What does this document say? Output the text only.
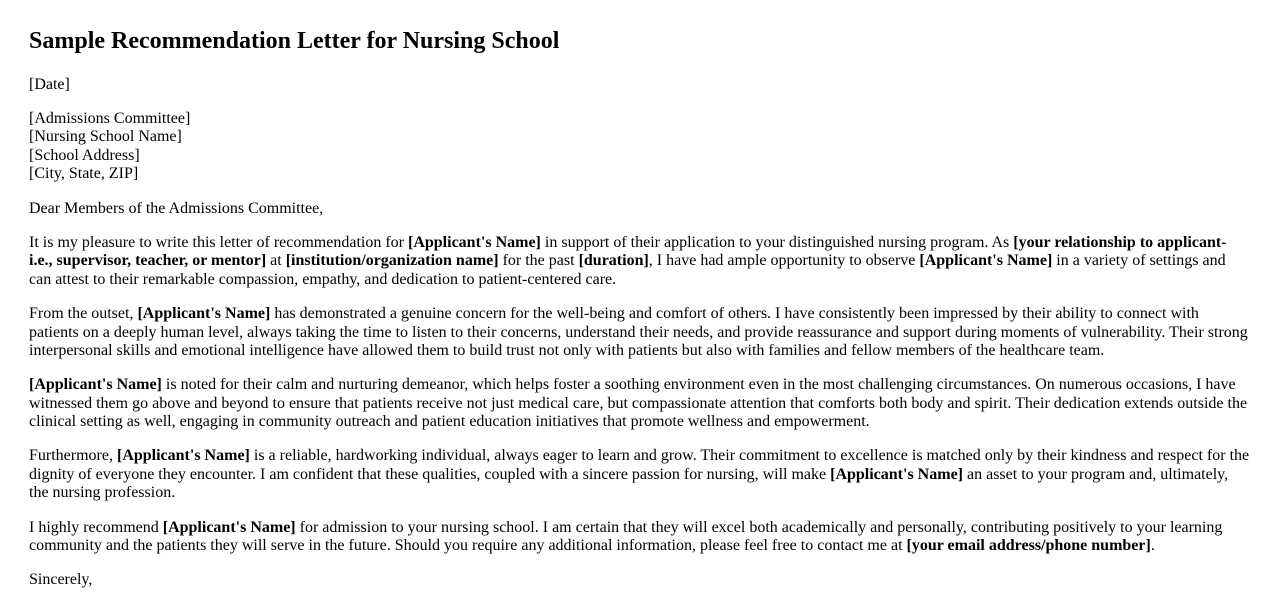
Sample Recommendation Letter for Nursing School

[Date]

[Admissions Committee]
[Nursing School Name]
[School Address]
[City, State, ZIP]

Dear Members of the Admissions Committee,

It is my pleasure to write this letter of recommendation for [Applicant's Name] in support of their application to your distinguished nursing program. As [your relationship to applicant-i.e., supervisor, teacher, or mentor] at [institution/organization name] for the past [duration], I have had ample opportunity to observe [Applicant's Name] in a variety of settings and can attest to their remarkable compassion, empathy, and dedication to patient-centered care.

From the outset, [Applicant's Name] has demonstrated a genuine concern for the well-being and comfort of others. I have consistently been impressed by their ability to connect with patients on a deeply human level, always taking the time to listen to their concerns, understand their needs, and provide reassurance and support during moments of vulnerability. Their strong interpersonal skills and emotional intelligence have allowed them to build trust not only with patients but also with families and fellow members of the healthcare team.

[Applicant's Name] is noted for their calm and nurturing demeanor, which helps foster a soothing environment even in the most challenging circumstances. On numerous occasions, I have witnessed them go above and beyond to ensure that patients receive not just medical care, but compassionate attention that comforts both body and spirit. Their dedication extends outside the clinical setting as well, engaging in community outreach and patient education initiatives that promote wellness and empowerment.

Furthermore, [Applicant's Name] is a reliable, hardworking individual, always eager to learn and grow. Their commitment to excellence is matched only by their kindness and respect for the dignity of everyone they encounter. I am confident that these qualities, coupled with a sincere passion for nursing, will make [Applicant's Name] an asset to your program and, ultimately, the nursing profession.

I highly recommend [Applicant's Name] for admission to your nursing school. I am certain that they will excel both academically and personally, contributing positively to your learning community and the patients they will serve in the future. Should you require any additional information, please feel free to contact me at [your email address/phone number].

Sincerely,
